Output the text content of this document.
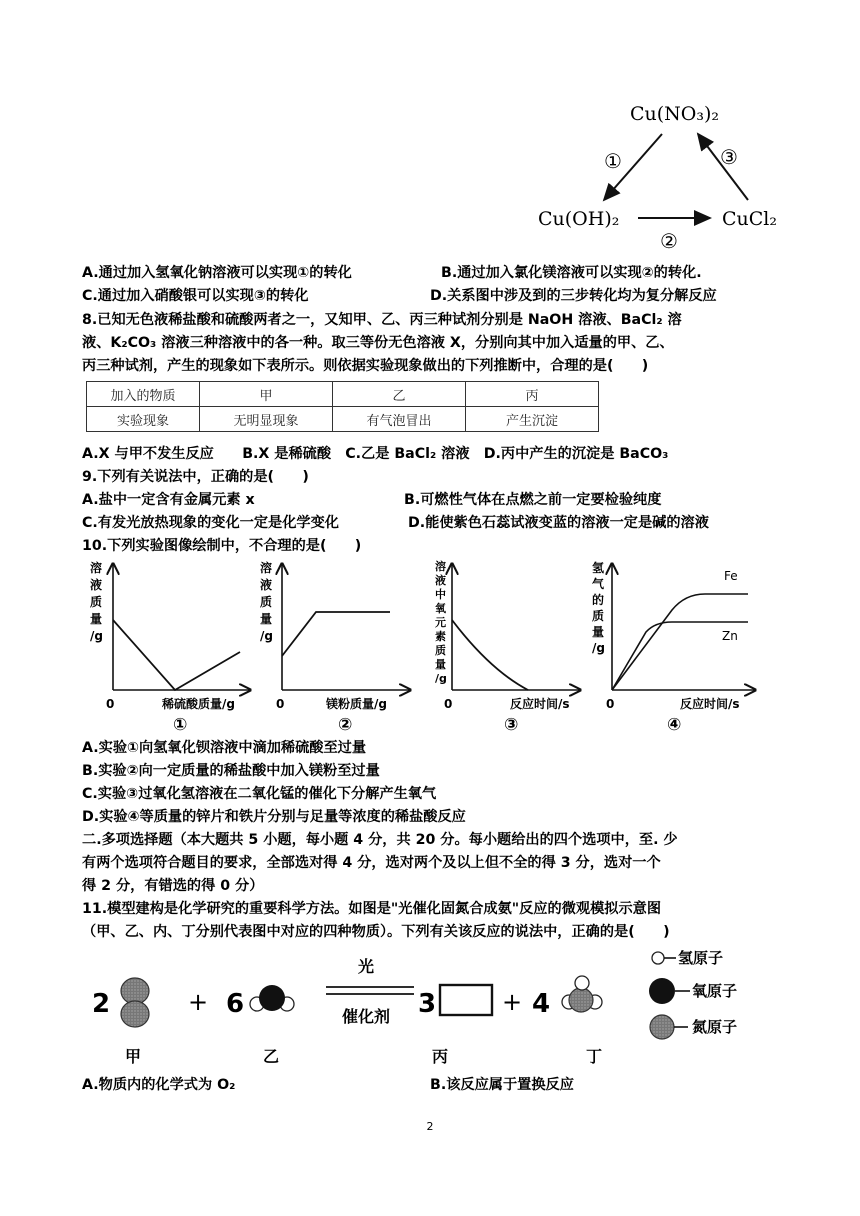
Cu(NO₃)₂
Cu(OH)₂	CuCl₂
①	③
②
A.通过加入氢氧化钠溶液可以实现①的转化	B.通过加入氯化镁溶液可以实现②的转化.
C.通过加入硝酸银可以实现③的转化	D.关系图中涉及到的三步转化均为复分解反应
8.已知无色液稀盐酸和硫酸两者之一，又知甲、乙、丙三种试剂分别是 NaOH 溶液、BaCl₂ 溶
液、K₂CO₃ 溶液三种溶液中的各一种。取三等份无色溶液 X，分别向其中加入适量的甲、乙、
丙三种试剂，产生的现象如下表所示。则依据实验现象做出的下列推断中，合理的是(　　)
加入的物质	甲	乙	丙
实验现象	无明显现象	有气泡冒出	产生沉淀
A.X 与甲不发生反应　　B.X 是稀硫酸　C.乙是 BaCl₂ 溶液　D.丙中产生的沉淀是 BaCO₃
9.下列有关说法中，正确的是(　　)
A.盐中一定含有金属元素 x	B.可燃性气体在点燃之前一定要检验纯度
C.有发光放热现象的变化一定是化学变化	D.能使紫色石蕊试液变蓝的溶液一定是碱的溶液
10.下列实验图像绘制中，不合理的是(　　)
溶液质量/g
0	稀硫酸质量/g
①
溶液质量/g
0	镁粉质量/g
②
溶液中氧元素质量/g
0	反应时间/s
③
氢气的质量/g
Fe
Zn
0	反应时间/s
④
A.实验①向氢氧化钡溶液中滴加稀硫酸至过量
B.实验②向一定质量的稀盐酸中加入镁粉至过量
C.实验③过氧化氢溶液在二氧化锰的催化下分解产生氧气
D.实验④等质量的锌片和铁片分别与足量等浓度的稀盐酸反应
二.多项选择题（本大题共 5 小题，每小题 4 分，共 20 分。每小题给出的四个选项中，至. 少
有两个选项符合题目的要求，全部选对得 4 分，选对两个及以上但不全的得 3 分，选对一个
得 2 分，有错选的得 0 分）
11.模型建构是化学研究的重要科学方法。如图是"光催化固氮合成氨"反应的微观模拟示意图
（甲、乙、内、丁分别代表图中对应的四种物质）。下列有关该反应的说法中，正确的是(　　)
2
甲
+ 6
乙
光
催化剂 3
丙
+ 4
丁
氢原子
氧原子
氮原子
A.物质内的化学式为 O₂	B.该反应属于置换反应
2
